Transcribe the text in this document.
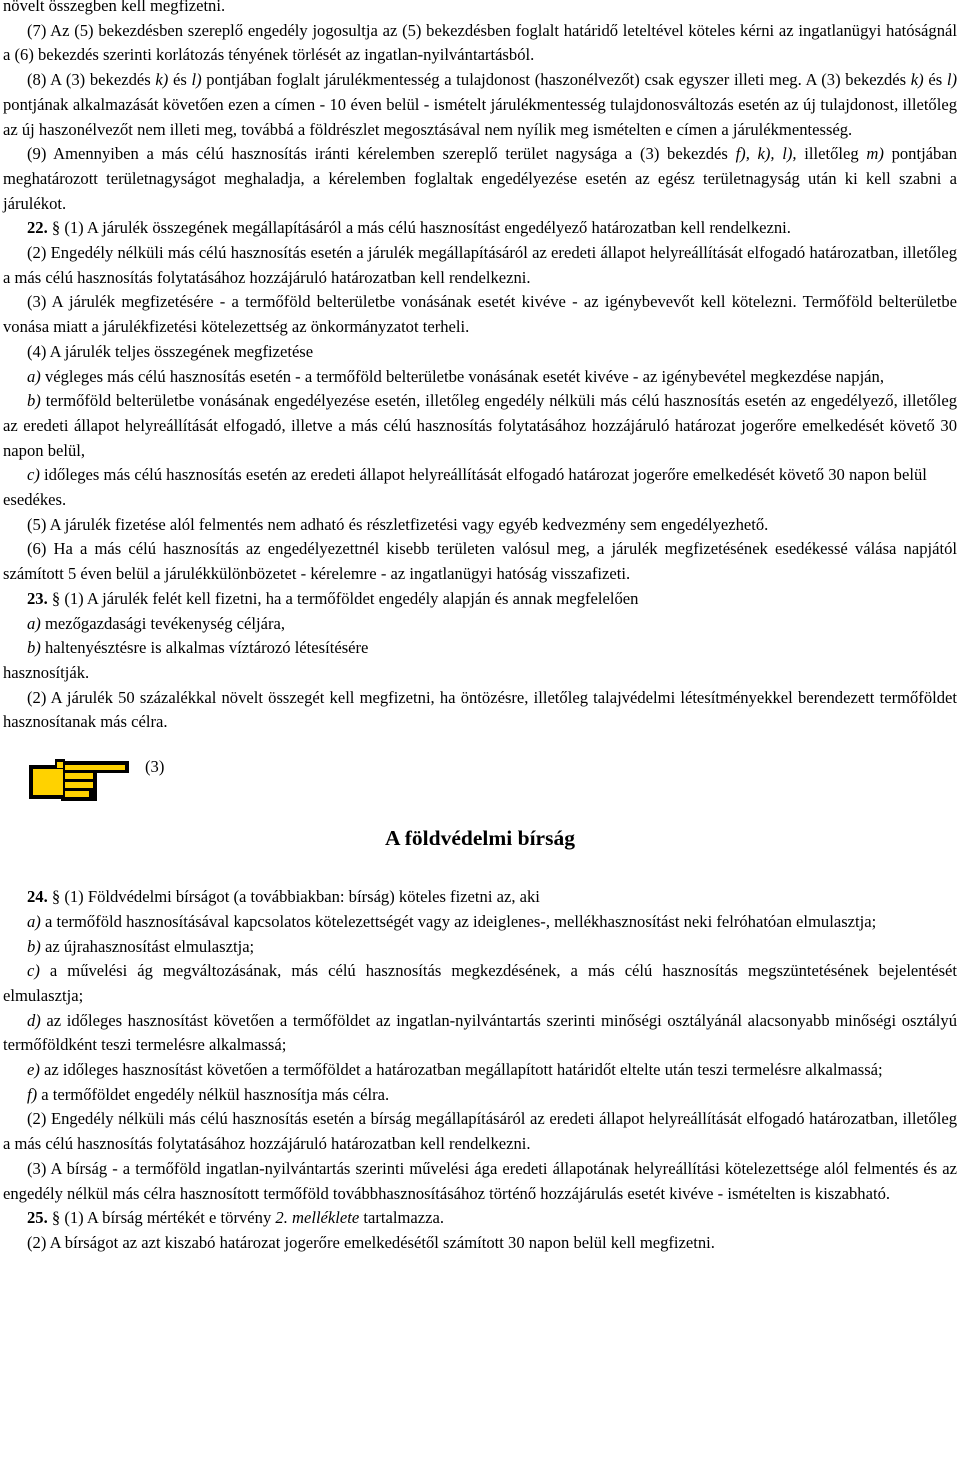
növelt összegben kell megfizetni.

(7) Az (5) bekezdésben szereplő engedély jogosultja az (5) bekezdésben foglalt határidő leteltével köteles kérni az ingatlanügyi hatóságnál a (6) bekezdés szerinti korlátozás tényének törlését az ingatlan-nyilvántartásból.

(8) A (3) bekezdés k) és l) pontjában foglalt járulékmentesség a tulajdonost (haszonélvezőt) csak egyszer illeti meg. A (3) bekezdés k) és l) pontjának alkalmazását követően ezen a címen - 10 éven belül - ismételt járulékmentesség tulajdonosváltozás esetén az új tulajdonost, illetőleg az új haszonélvezőt nem illeti meg, továbbá a földrészlet megosztásával nem nyílik meg ismételten e címen a járulékmentesség.

(9) Amennyiben a más célú hasznosítás iránti kérelemben szereplő terület nagysága a (3) bekezdés f), k), l), illetőleg m) pontjában meghatározott területnagyságot meghaladja, a kérelemben foglaltak engedélyezése esetén az egész területnagyság után ki kell szabni a járulékot.

22. § (1) A járulék összegének megállapításáról a más célú hasznosítást engedélyező határozatban kell rendelkezni.

(2) Engedély nélküli más célú hasznosítás esetén a járulék megállapításáról az eredeti állapot helyreállítását elfogadó határozatban, illetőleg a más célú hasznosítás folytatásához hozzájáruló határozatban kell rendelkezni.

(3) A járulék megfizetésére - a termőföld belterületbe vonásának esetét kivéve - az igénybevevőt kell kötelezni. Termőföld belterületbe vonása miatt a járulékfizetési kötelezettség az önkormányzatot terheli.

(4) A járulék teljes összegének megfizetése

a) végleges más célú hasznosítás esetén - a termőföld belterületbe vonásának esetét kivéve - az igénybevétel megkezdése napján,

b) termőföld belterületbe vonásának engedélyezése esetén, illetőleg engedély nélküli más célú hasznosítás esetén az engedélyező, illetőleg az eredeti állapot helyreállítását elfogadó, illetve a más célú hasznosítás folytatásához hozzájáruló határozat jogerőre emelkedését követő 30 napon belül,

c) időleges más célú hasznosítás esetén az eredeti állapot helyreállítását elfogadó határozat jogerőre emelkedését követő 30 napon belül

esedékes.

(5) A járulék fizetése alól felmentés nem adható és részletfizetési vagy egyéb kedvezmény sem engedélyezhető.

(6) Ha a más célú hasznosítás az engedélyezettnél kisebb területen valósul meg, a járulék megfizetésének esedékessé válása napjától számított 5 éven belül a járulékkülönbözetet - kérelemre - az ingatlanügyi hatóság visszafizeti.

23. § (1) A járulék felét kell fizetni, ha a termőföldet engedély alapján és annak megfelelően

a) mezőgazdasági tevékenység céljára,

b) haltenyésztésre is alkalmas víztározó létesítésére

hasznosítják.

(2) A járulék 50 százalékkal növelt összegét kell megfizetni, ha öntözésre, illetőleg talajvédelmi létesítményekkel berendezett termőföldet hasznosítanak más célra.

(3)

A földvédelmi bírság

24. § (1) Földvédelmi bírságot (a továbbiakban: bírság) köteles fizetni az, aki

a) a termőföld hasznosításával kapcsolatos kötelezettségét vagy az ideiglenes-, mellékhasznosítást neki felróhatóan elmulasztja;

b) az újrahasznosítást elmulasztja;

c) a művelési ág megváltozásának, más célú hasznosítás megkezdésének, a más célú hasznosítás megszüntetésének bejelentését elmulasztja;

d) az időleges hasznosítást követően a termőföldet az ingatlan-nyilvántartás szerinti minőségi osztályánál alacsonyabb minőségi osztályú termőföldként teszi termelésre alkalmassá;

e) az időleges hasznosítást követően a termőföldet a határozatban megállapított határidőt eltelte után teszi termelésre alkalmassá;

f) a termőföldet engedély nélkül hasznosítja más célra.

(2) Engedély nélküli más célú hasznosítás esetén a bírság megállapításáról az eredeti állapot helyreállítását elfogadó határozatban, illetőleg a más célú hasznosítás folytatásához hozzájáruló határozatban kell rendelkezni.

(3) A bírság - a termőföld ingatlan-nyilvántartás szerinti művelési ága eredeti állapotának helyreállítási kötelezettsége alól felmentés és az engedély nélkül más célra hasznosított termőföld továbbhasznosításához történő hozzájárulás esetét kivéve - ismételten is kiszabható.

25. § (1) A bírság mértékét e törvény 2. melléklete tartalmazza.

(2) A bírságot az azt kiszabó határozat jogerőre emelkedésétől számított 30 napon belül kell megfizetni.
